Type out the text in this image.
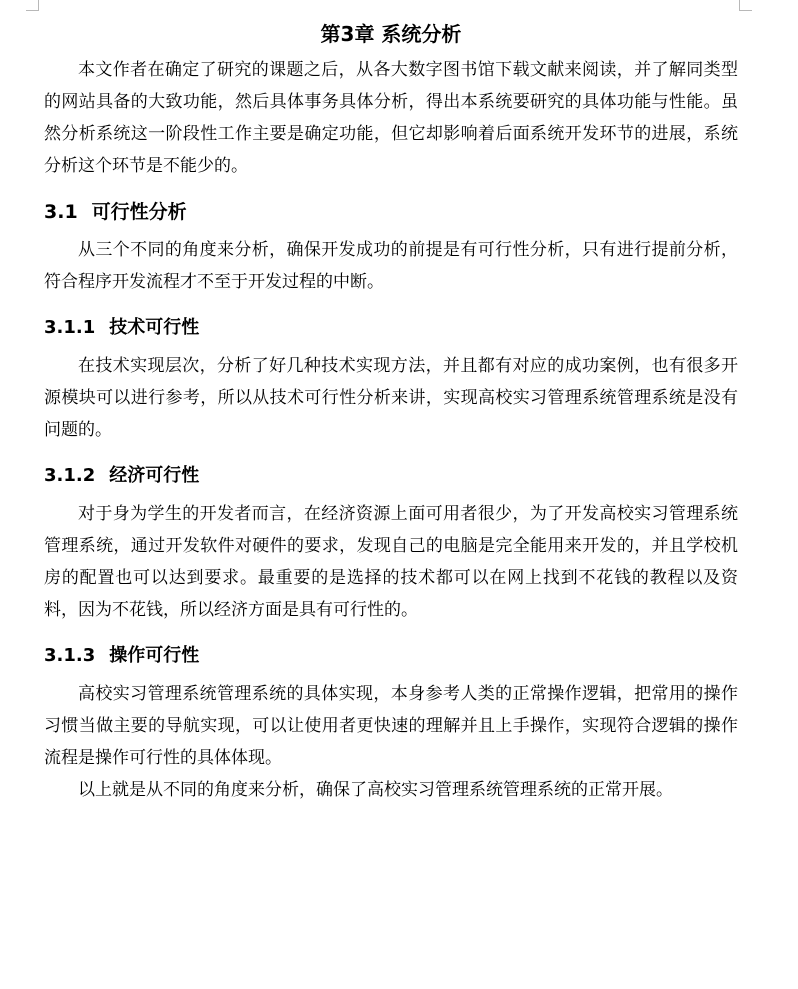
第3章 系统分析

本文作者在确定了研究的课题之后，从各大数字图书馆下载文献来阅读，并了解同类型的网站具备的大致功能，然后具体事务具体分析，得出本系统要研究的具体功能与性能。虽然分析系统这一阶段性工作主要是确定功能，但它却影响着后面系统开发环节的进展，系统分析这个环节是不能少的。

3.1 可行性分析

从三个不同的角度来分析，确保开发成功的前提是有可行性分析，只有进行提前分析，符合程序开发流程才不至于开发过程的中断。

3.1.1 技术可行性

在技术实现层次，分析了好几种技术实现方法，并且都有对应的成功案例，也有很多开源模块可以进行参考，所以从技术可行性分析来讲，实现高校实习管理系统管理系统是没有问题的。

3.1.2 经济可行性

对于身为学生的开发者而言，在经济资源上面可用者很少，为了开发高校实习管理系统管理系统，通过开发软件对硬件的要求，发现自己的电脑是完全能用来开发的，并且学校机房的配置也可以达到要求。最重要的是选择的技术都可以在网上找到不花钱的教程以及资料，因为不花钱，所以经济方面是具有可行性的。

3.1.3 操作可行性

高校实习管理系统管理系统的具体实现，本身参考人类的正常操作逻辑，把常用的操作习惯当做主要的导航实现，可以让使用者更快速的理解并且上手操作，实现符合逻辑的操作流程是操作可行性的具体体现。

以上就是从不同的角度来分析，确保了高校实习管理系统管理系统的正常开展。
